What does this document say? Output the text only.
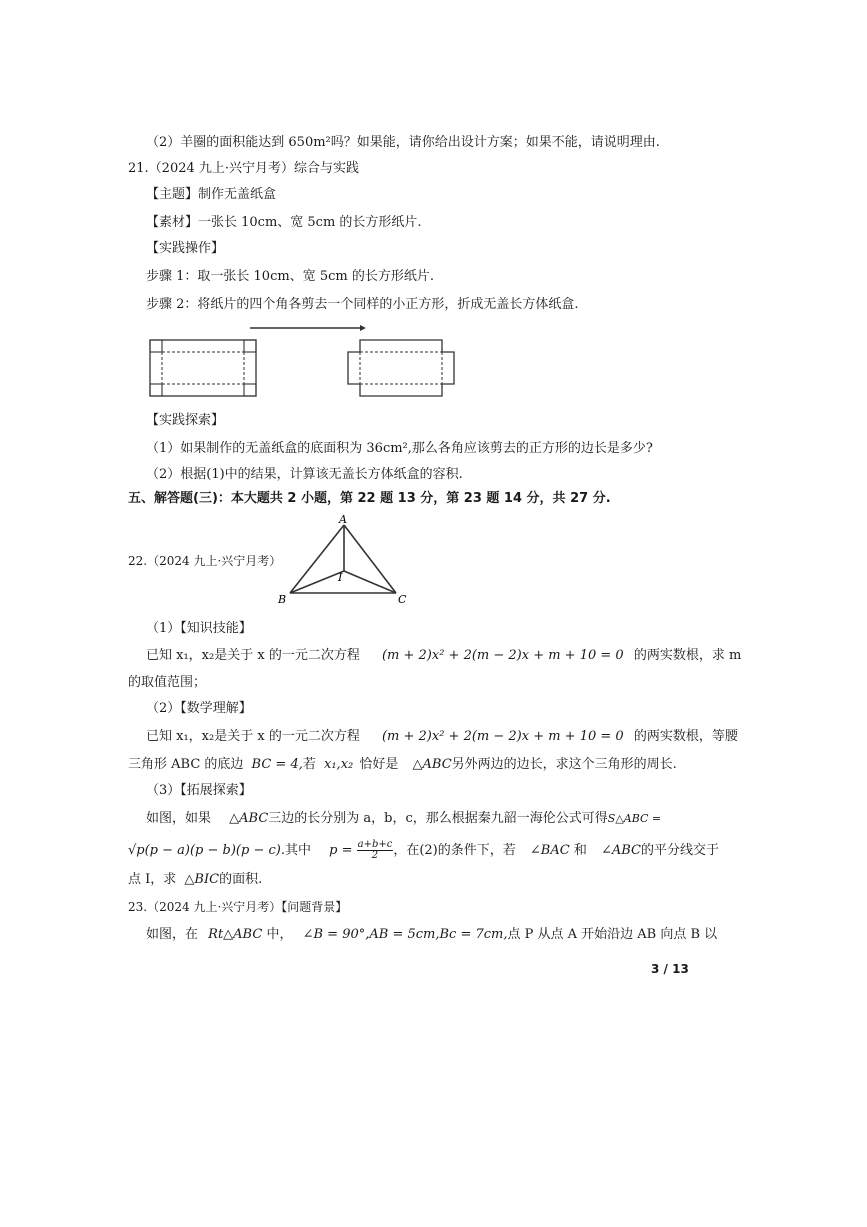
（2）羊圈的面积能达到 650m²吗？如果能，请你给出设计方案；如果不能，请说明理由.
21.（2024 九上·兴宁月考）综合与实践
【主题】制作无盖纸盒
【素材】一张长 10cm、宽 5cm 的长方形纸片.
【实践操作】
步骤 1：取一张长 10cm、宽 5cm 的长方形纸片.
步骤 2：将纸片的四个角各剪去一个同样的小正方形，折成无盖长方体纸盒.
【实践探索】
（1）如果制作的无盖纸盒的底面积为 36cm²,那么各角应该剪去的正方形的边长是多少?
（2）根据(1)中的结果，计算该无盖长方体纸盒的容积.
五、解答题(三)：本大题共 2 小题，第 22 题 13 分，第 23 题 14 分，共 27 分.
22.（2024 九上·兴宁月考）
A
B	C
I
（1）【知识技能】
已知 x₁，x₂是关于 x 的一元二次方程 (m + 2)x² + 2(m − 2)x + m + 10 = 0 的两实数根，求 m
的取值范围；
（2）【数学理解】
已知 x₁，x₂是关于 x 的一元二次方程 (m + 2)x² + 2(m − 2)x + m + 10 = 0 的两实数根，等腰
三角形 ABC 的底边 BC = 4,若 x₁,x₂ 恰好是 △ABC另外两边的边长，求这个三角形的周长.
（3）【拓展探索】
如图，如果 △ABC三边的长分别为 a，b，c，那么根据秦九韶一海伦公式可得S△ABC =
√p(p − a)(p − b)(p − c).其中 $p = \frac{a+b+c}{2}$ ，在(2)的条件下，若 ∠BAC 和 ∠ABC的平分线交于
点 I，求 △BIC的面积.
23.（2024 九上·兴宁月考）【问题背景】
如图，在 Rt△ABC 中， ∠B = 90°,AB = 5cm,Bc = 7cm,点 P 从点 A 开始沿边 AB 向点 B 以
3 / 13
